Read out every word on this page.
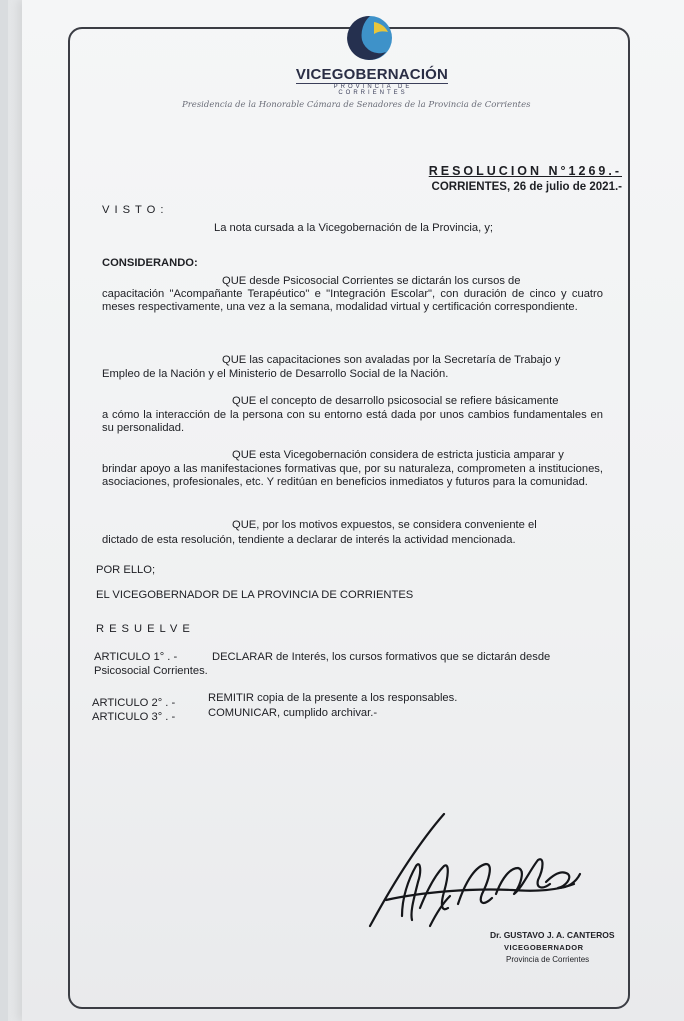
VICEGOBERNACIÓN
PROVINCIA DE CORRIENTES
Presidencia de la Honorable Cámara de Senadores de la Provincia de Corrientes
RESOLUCION N°1269.-
CORRIENTES, 26 de julio de 2021.-
VISTO:
La nota cursada a la Vicegobernación de la Provincia, y;
CONSIDERANDO:
QUE desde Psicosocial Corrientes se dictarán los cursos de
capacitación "Acompañante Terapéutico" e "Integración Escolar", con duración de cinco y cuatro meses respectivamente, una vez a la semana, modalidad virtual y certificación correspondiente.
QUE las capacitaciones son avaladas por la Secretaría de Trabajo y
Empleo de la Nación y el Ministerio de Desarrollo Social de la Nación.
QUE el concepto de desarrollo psicosocial se refiere básicamente
a cómo la interacción de la persona con su entorno está dada por unos cambios fundamentales en su personalidad.
QUE esta Vicegobernación considera de estricta justicia amparar y
brindar apoyo a las manifestaciones formativas que, por su naturaleza, comprometen a instituciones, asociaciones, profesionales, etc. Y reditúan en beneficios inmediatos y futuros para la comunidad.
QUE, por los motivos expuestos, se considera conveniente el
dictado de esta resolución, tendiente a declarar de interés la actividad mencionada.
POR ELLO;
EL VICEGOBERNADOR DE LA PROVINCIA DE CORRIENTES
RESUELVE
ARTICULO 1° . -	DECLARAR de Interés, los cursos formativos que se dictarán desde
Psicosocial Corrientes.
ARTICULO 2° . -	REMITIR copia de la presente a los responsables.
ARTICULO 3° . -	COMUNICAR, cumplido archivar.-
Dr. GUSTAVO J. A. CANTEROS
VICEGOBERNADOR
Provincia de Corrientes
